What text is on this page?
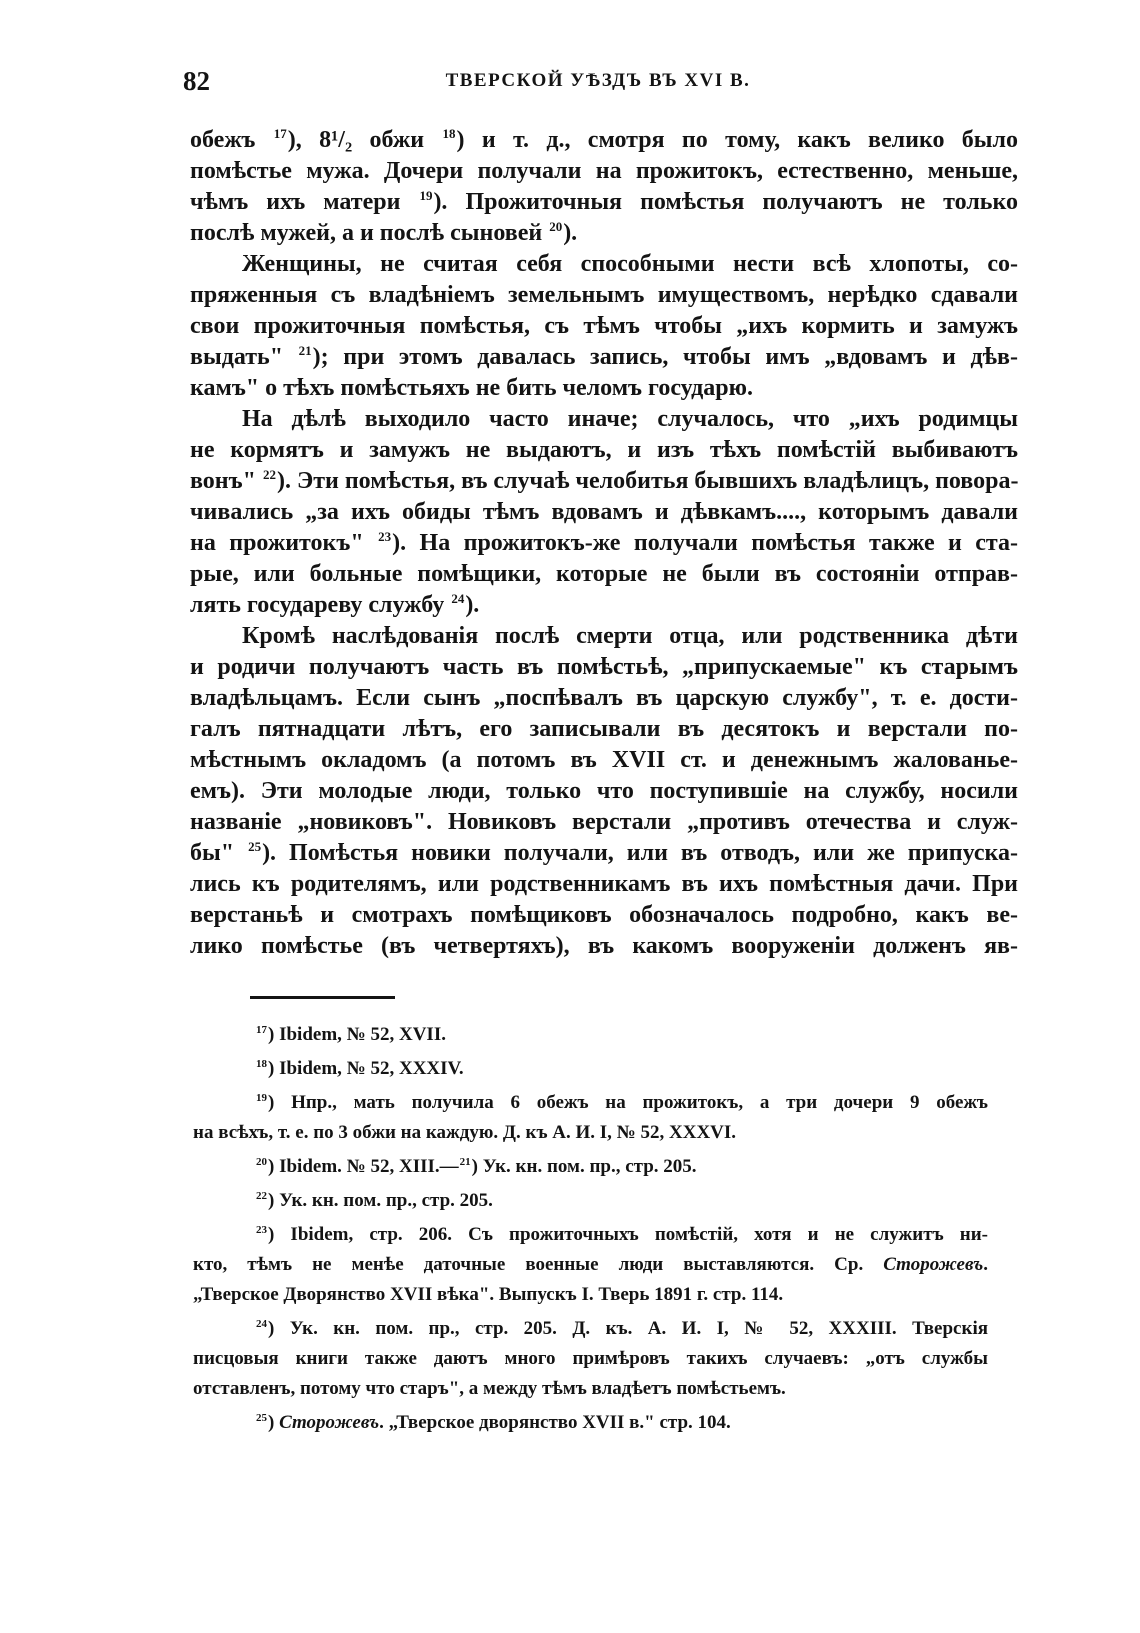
82	ТВЕРСКОЙ УѢЗДЪ ВЪ XVI В.
обежъ $^{17}$), 8¹/₂ обжи $^{18}$) и т. д., смотря по тому, какъ велико было
помѣстье мужа. Дочери получали на прожитокъ, естественно, меньше,
чѣмъ ихъ матери $^{19}$). Прожиточныя помѣстья получаютъ не только
послѣ мужей, а и послѣ сыновей $^{20}$).
Женщины, не считая себя способными нести всѣ хлопоты, со-
пряженныя съ владѣніемъ земельнымъ имуществомъ, нерѣдко сдавали
свои прожиточныя помѣстья, съ тѣмъ чтобы „ихъ кормить и замужъ
выдать" $^{21}$); при этомъ давалась запись, чтобы имъ „вдовамъ и дѣв-
камъ" о тѣхъ помѣстьяхъ не бить челомъ государю.
На дѣлѣ выходило часто иначе; случалось, что „ихъ родимцы
не кормятъ и замужъ не выдаютъ, и изъ тѣхъ помѣстій выбиваютъ
вонъ" $^{22}$). Эти помѣстья, въ случаѣ челобитья бывшихъ владѣлицъ, повора-
чивались „за ихъ обиды тѣмъ вдовамъ и дѣвкамъ...., которымъ давали
на прожитокъ" $^{23}$). На прожитокъ-же получали помѣстья также и ста-
рые, или больные помѣщики, которые не были въ состояніи отправ-
лять государеву службу $^{24}$).
Кромѣ наслѣдованія послѣ смерти отца, или родственника дѣти
и родичи получаютъ часть въ помѣстьѣ, „припускаемые" къ старымъ
владѣльцамъ. Если сынъ „поспѣвалъ въ царскую службу", т. е. дости-
галъ пятнадцати лѣтъ, его записывали въ десятокъ и верстали по-
мѣстнымъ окладомъ (а потомъ въ XVII ст. и денежнымъ жалованьe-
емъ). Эти молодые люди, только что поступившіе на службу, носили
названіе „новиковъ". Новиковъ верстали „противъ отечества и служ-
бы" $^{25}$). Помѣстья новики получали, или въ отводъ, или же припуска-
лись къ родителямъ, или родственникамъ въ ихъ помѣстныя дачи. При
верстаньѣ и смотрахъ помѣщиковъ обозначалось подробно, какъ ве-
лико помѣстье (въ четвертяхъ), въ какомъ вооруженіи долженъ яв-
$^{17}$) Ibidem, № 52, XVII.
$^{18}$) Ibidem, № 52, XXXIV.
$^{19}$) Нпр., мать получила 6 обежъ на прожитокъ, а три дочери 9 обежъ
на всѣхъ, т. е. по 3 обжи на каждую. Д. къ А. И. I, № 52, XXXVI.
$^{20}$) Ibidem. № 52, XIII.—$^{21}$) Ук. кн. пом. пр., стр. 205.
$^{22}$) Ук. кн. пом. пр., стр. 205.
$^{23}$) Ibidem, стр. 206. Съ прожиточныхъ помѣстій, хотя и не служитъ ни-
кто, тѣмъ не менѣе даточные военные люди выставляются. Ср. Сторожевъ.
„Тверское Дворянство XVII вѣка". Выпускъ I. Тверь 1891 г. стр. 114.
$^{24}$) Ук. кн. пом. пр., стр. 205. Д. къ. А. И. I, № 52, XXXIII. Тверскія
писцовыя книги также даютъ много примѣровъ такихъ случаевъ: „отъ службы
отставленъ, потому что старъ", а между тѣмъ владѣетъ помѣстьемъ.
$^{25}$) Сторожевъ. „Тверское дворянство XVII в." стр. 104.
